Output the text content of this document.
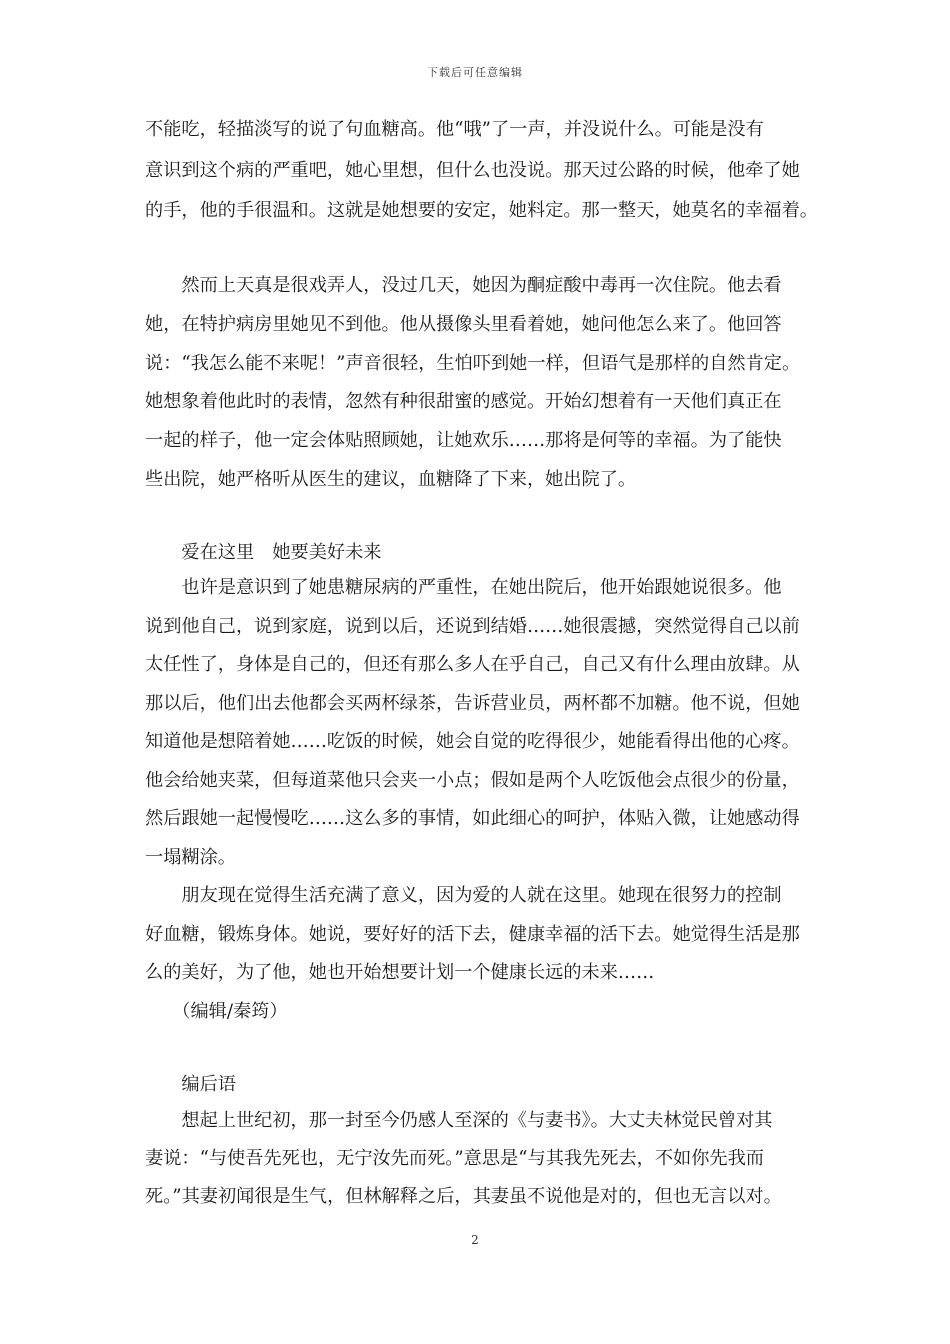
下载后可任意编辑
不能吃，轻描淡写的说了句血糖高。他“哦”了一声，并没说什么。可能是没有
意识到这个病的严重吧，她心里想，但什么也没说。那天过公路的时候，他牵了她
的手，他的手很温和。这就是她想要的安定，她料定。那一整天，她莫名的幸福着。
　　然而上天真是很戏弄人，没过几天，她因为酮症酸中毒再一次住院。他去看
她，在特护病房里她见不到他。他从摄像头里看着她，她问他怎么来了。他回答
说：“我怎么能不来呢！”声音很轻，生怕吓到她一样，但语气是那样的自然肯定。
她想象着他此时的表情，忽然有种很甜蜜的感觉。开始幻想着有一天他们真正在
一起的样子，他一定会体贴照顾她，让她欢乐……那将是何等的幸福。为了能快
些出院，她严格听从医生的建议，血糖降了下来，她出院了。
　　爱在这里　她要美好未来
　　也许是意识到了她患糖尿病的严重性，在她出院后，他开始跟她说很多。他
说到他自己，说到家庭，说到以后，还说到结婚……她很震撼，突然觉得自己以前
太任性了，身体是自己的，但还有那么多人在乎自己，自己又有什么理由放肆。从
那以后，他们出去他都会买两杯绿茶，告诉营业员，两杯都不加糖。他不说，但她
知道他是想陪着她……吃饭的时候，她会自觉的吃得很少，她能看得出他的心疼。
他会给她夹菜，但每道菜他只会夹一小点；假如是两个人吃饭他会点很少的份量，
然后跟她一起慢慢吃……这么多的事情，如此细心的呵护，体贴入微，让她感动得
一塌糊涂。
　　朋友现在觉得生活充满了意义，因为爱的人就在这里。她现在很努力的控制
好血糖，锻炼身体。她说，要好好的活下去，健康幸福的活下去。她觉得生活是那
么的美好，为了他，她也开始想要计划一个健康长远的未来……
　　（编辑/秦筠）
　　编后语
　　想起上世纪初，那一封至今仍感人至深的《与妻书》。大丈夫林觉民曾对其
妻说：“与使吾先死也，无宁汝先而死。”意思是“与其我先死去，不如你先我而
死。”其妻初闻很是生气，但林解释之后，其妻虽不说他是对的，但也无言以对。
2
